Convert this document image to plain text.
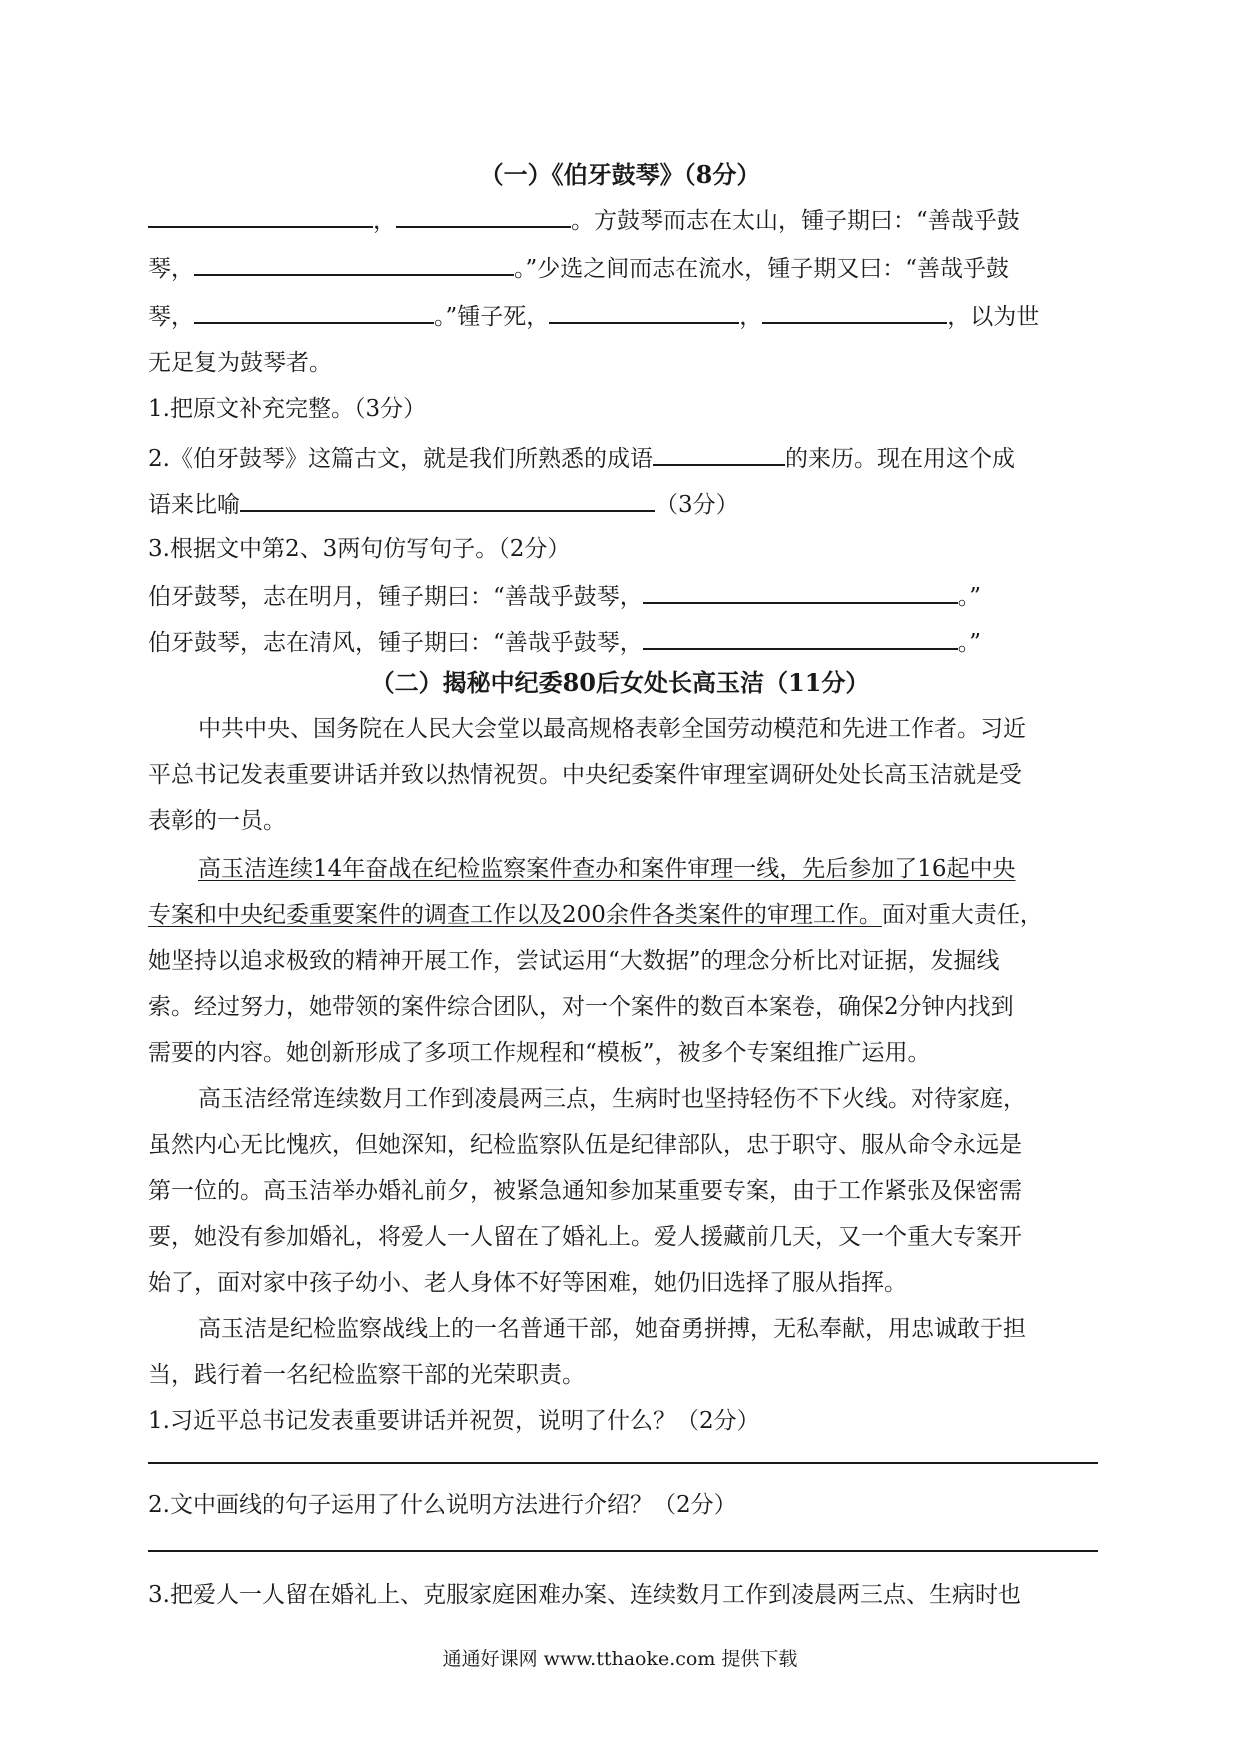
（一）《伯牙鼓琴》（8分）
，	。方鼓琴而志在太山，锺子期曰：“善哉乎鼓
琴，	。”少选之间而志在流水，锺子期又曰：“善哉乎鼓
琴，	。”锺子死，	，	，以为世
无足复为鼓琴者。
1.把原文补充完整。（3分）
2.《伯牙鼓琴》这篇古文，就是我们所熟悉的成语	的来历。现在用这个成
语来比喻	（3分）
3.根据文中第2、3两句仿写句子。（2分）
伯牙鼓琴，志在明月，锺子期曰：“善哉乎鼓琴，	。”
伯牙鼓琴，志在清风，锺子期曰：“善哉乎鼓琴，	。”
（二）揭秘中纪委80后女处长高玉洁（11分）
中共中央、国务院在人民大会堂以最高规格表彰全国劳动模范和先进工作者。习近
平总书记发表重要讲话并致以热情祝贺。中央纪委案件审理室调研处处长高玉洁就是受
表彰的一员。
高玉洁连续14年奋战在纪检监察案件查办和案件审理一线，先后参加了16起中央
专案和中央纪委重要案件的调查工作以及200余件各类案件的审理工作。面对重大责任，
她坚持以追求极致的精神开展工作，尝试运用“大数据”的理念分析比对证据，发掘线
索。经过努力，她带领的案件综合团队，对一个案件的数百本案卷，确保2分钟内找到
需要的内容。她创新形成了多项工作规程和“模板”，被多个专案组推广运用。
高玉洁经常连续数月工作到凌晨两三点，生病时也坚持轻伤不下火线。对待家庭，
虽然内心无比愧疚，但她深知，纪检监察队伍是纪律部队，忠于职守、服从命令永远是
第一位的。高玉洁举办婚礼前夕，被紧急通知参加某重要专案，由于工作紧张及保密需
要，她没有参加婚礼，将爱人一人留在了婚礼上。爱人援藏前几天，又一个重大专案开
始了，面对家中孩子幼小、老人身体不好等困难，她仍旧选择了服从指挥。
高玉洁是纪检监察战线上的一名普通干部，她奋勇拼搏，无私奉献，用忠诚敢于担
当，践行着一名纪检监察干部的光荣职责。
1.习近平总书记发表重要讲话并祝贺，说明了什么？（2分）
2.文中画线的句子运用了什么说明方法进行介绍？（2分）
3.把爱人一人留在婚礼上、克服家庭困难办案、连续数月工作到凌晨两三点、生病时也
通通好课网 www.tthaoke.com 提供下载
